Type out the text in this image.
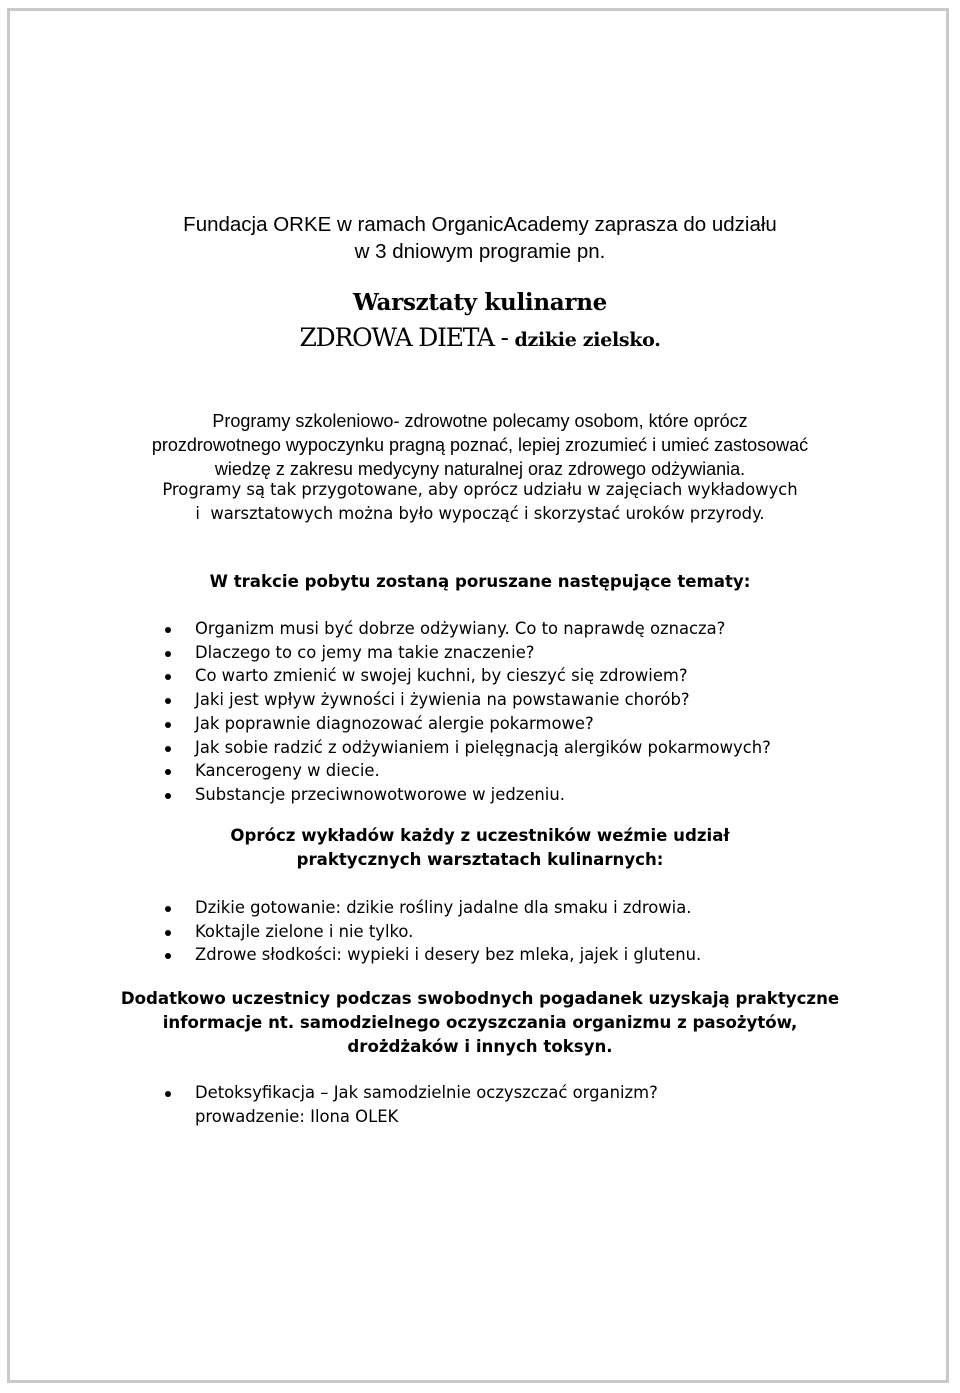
Fundacja ORKE w ramach OrganicAcademy zaprasza do udziału
w 3 dniowym programie pn.
Warsztaty kulinarne
ZDROWA DIETA - dzikie zielsko.
Programy szkoleniowo- zdrowotne polecamy osobom, które oprócz
prozdrowotnego wypoczynku pragną poznać, lepiej zrozumieć i umieć zastosować
wiedzę z zakresu medycyny naturalnej oraz zdrowego odżywiania.
Programy są tak przygotowane, aby oprócz udziału w zajęciach wykładowych
i  warsztatowych można było wypocząć i skorzystać uroków przyrody.
W trakcie pobytu zostaną poruszane następujące tematy:
Organizm musi być dobrze odżywiany. Co to naprawdę oznacza?
Dlaczego to co jemy ma takie znaczenie?
Co warto zmienić w swojej kuchni, by cieszyć się zdrowiem?
Jaki jest wpływ żywności i żywienia na powstawanie chorób?
Jak poprawnie diagnozować alergie pokarmowe?
Jak sobie radzić z odżywianiem i pielęgnacją alergików pokarmowych?
Kancerogeny w diecie.
Substancje przeciwnowotworowe w jedzeniu.
Oprócz wykładów każdy z uczestników weźmie udział
praktycznych warsztatach kulinarnych:
Dzikie gotowanie: dzikie rośliny jadalne dla smaku i zdrowia.
Koktajle zielone i nie tylko.
Zdrowe słodkości: wypieki i desery bez mleka, jajek i glutenu.
Dodatkowo uczestnicy podczas swobodnych pogadanek uzyskają praktyczne
informacje nt. samodzielnego oczyszczania organizmu z pasożytów,
drożdżaków i innych toksyn.
Detoksyfikacja – Jak samodzielnie oczyszczać organizm?
prowadzenie: Ilona OLEK
